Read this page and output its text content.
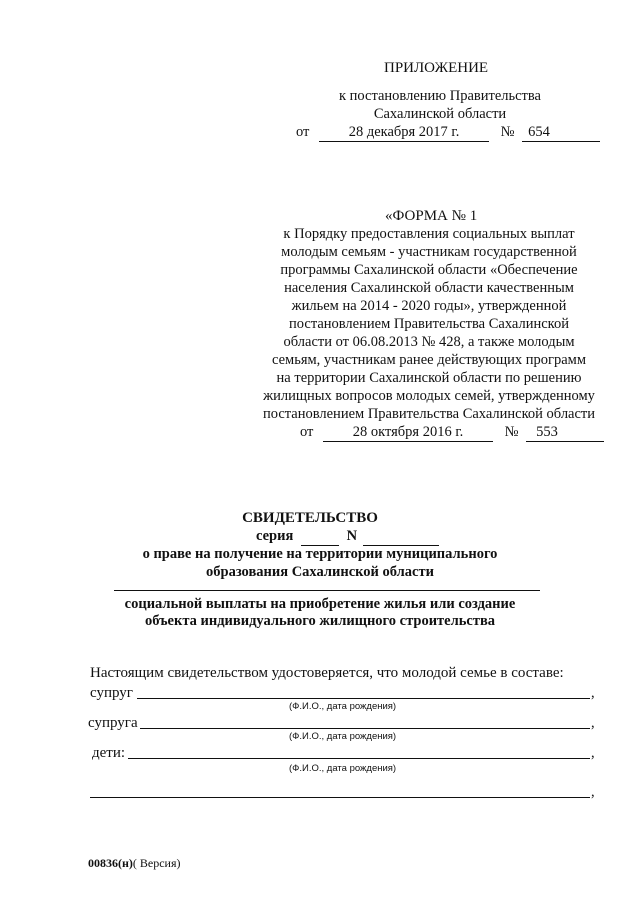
ПРИЛОЖЕНИЕ
к постановлению Правительства
Сахалинской области
от	28 декабря 2017 г.	№ 654
«ФОРМА № 1
к Порядку предоставления социальных выплат
молодым семьям - участникам государственной
программы Сахалинской области «Обеспечение
населения Сахалинской области качественным
жильем на 2014 - 2020 годы», утвержденной
постановлением Правительства Сахалинской
области от 06.08.2013 № 428, а также молодым
семьям, участникам ранее действующих программ
на территории Сахалинской области по решению
жилищных вопросов молодых семей, утвержденному
постановлением Правительства Сахалинской области
от	28 октября 2016 г.	№ 553
СВИДЕТЕЛЬСТВО
серия	N
о праве на получение на территории муниципального
образования Сахалинской области
социальной выплаты на приобретение жилья или создание
объекта индивидуального жилищного строительства
Настоящим свидетельством удостоверяется, что молодой семье в составе:
супруг	,
(Ф.И.О., дата рождения)
супруга	,
(Ф.И.О., дата рождения)
дети:	,
(Ф.И.О., дата рождения)
,
00836(н)( Версия)
